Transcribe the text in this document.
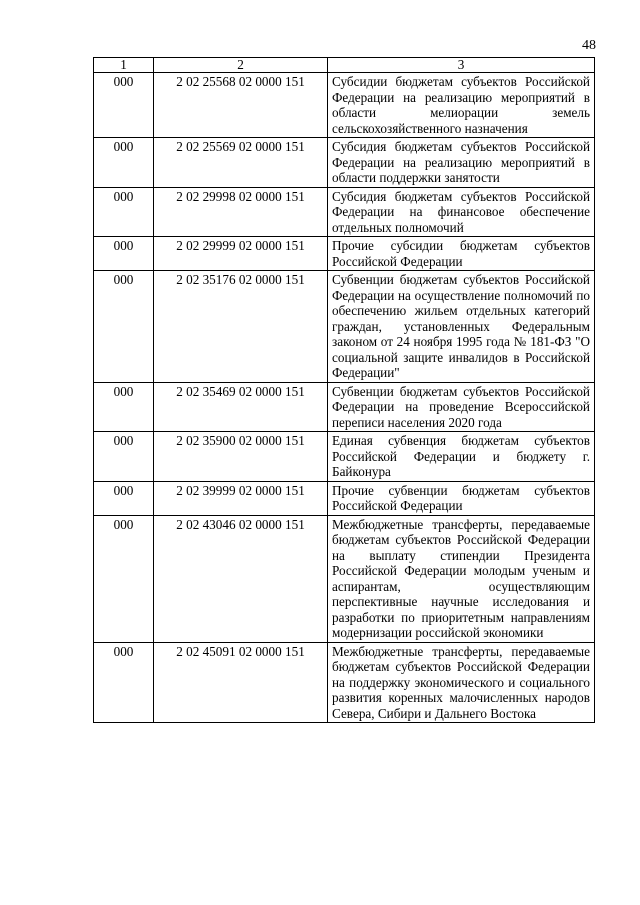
48
1	2	3
000	2 02 25568 02 0000 151	Субсидии бюджетам субъектов Российской Федерации на реализацию мероприятий в области мелиорации земель сельскохозяйственного назначения
000	2 02 25569 02 0000 151	Субсидия бюджетам субъектов Российской Федерации на реализацию мероприятий в области поддержки занятости
000	2 02 29998 02 0000 151	Субсидия бюджетам субъектов Российской Федерации на финансовое обеспечение отдельных полномочий
000	2 02 29999 02 0000 151	Прочие субсидии бюджетам субъектов Российской Федерации
000	2 02 35176 02 0000 151	Субвенции бюджетам субъектов Российской Федерации на осуществление полномочий по обеспечению жильем отдельных категорий граждан, установленных Федеральным законом от 24 ноября 1995 года № 181-ФЗ "О социальной защите инвалидов в Российской Федерации"
000	2 02 35469 02 0000 151	Субвенции бюджетам субъектов Российской Федерации на проведение Всероссийской переписи населения 2020 года
000	2 02 35900 02 0000 151	Единая субвенция бюджетам субъектов Российской Федерации и бюджету г. Байконура
000	2 02 39999 02 0000 151	Прочие субвенции бюджетам субъектов Российской Федерации
000	2 02 43046 02 0000 151	Межбюджетные трансферты, передаваемые бюджетам субъектов Российской Федерации на выплату стипендии Президента Российской Федерации молодым ученым и аспирантам, осуществляющим перспективные научные исследования и разработки по приоритетным направлениям модернизации российской экономики
000	2 02 45091 02 0000 151	Межбюджетные трансферты, передаваемые бюджетам субъектов Российской Федерации на поддержку экономического и социального развития коренных малочисленных народов Севера, Сибири и Дальнего Востока
